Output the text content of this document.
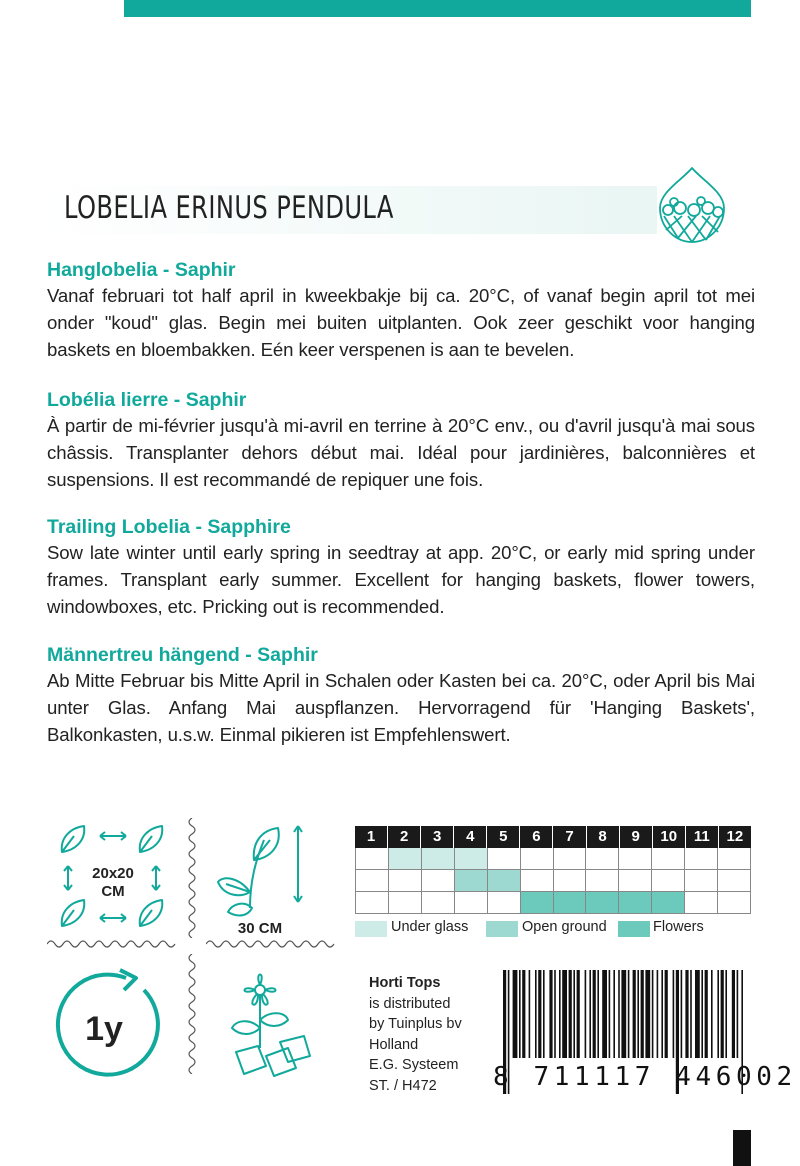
LOBELIA ERINUS PENDULA
Hanglobelia - Saphir
Vanaf februari tot half april in kweekbakje bij ca. 20°C, of vanaf begin april tot mei onder "koud" glas. Begin mei buiten uitplanten. Ook zeer geschikt voor hanging baskets en bloembakken. Eén keer verspenen is aan te bevelen.
Lobélia lierre - Saphir
À partir de mi-février jusqu'à mi-avril en terrine à 20°C env., ou d'avril jusqu'à mai sous châssis. Transplanter dehors début mai. Idéal pour jardinières, balconnières et suspensions. Il est recommandé de repiquer une fois.
Trailing Lobelia - Sapphire
Sow late winter until early spring in seedtray at app. 20°C, or early mid spring under frames. Transplant early summer. Excellent for hanging baskets, flower towers, windowboxes, etc. Pricking out is recommended.
Männertreu hängend - Saphir
Ab Mitte Februar bis Mitte April in Schalen oder Kasten bei ca. 20°C, oder April bis Mai unter Glas. Anfang Mai auspflanzen. Hervorragend für 'Hanging Baskets', Balkonkasten, u.s.w. Einmal pikieren ist Empfehlenswert.
20x20
CM
30 CM
1y
1	2	3	4	5	6	7	8	9	10	11	12
Under glass	Open ground	Flowers
Horti Tops
is distributed
by Tuinplus bv
Holland
E.G. Systeem
ST. / H472	8 711117 446002
